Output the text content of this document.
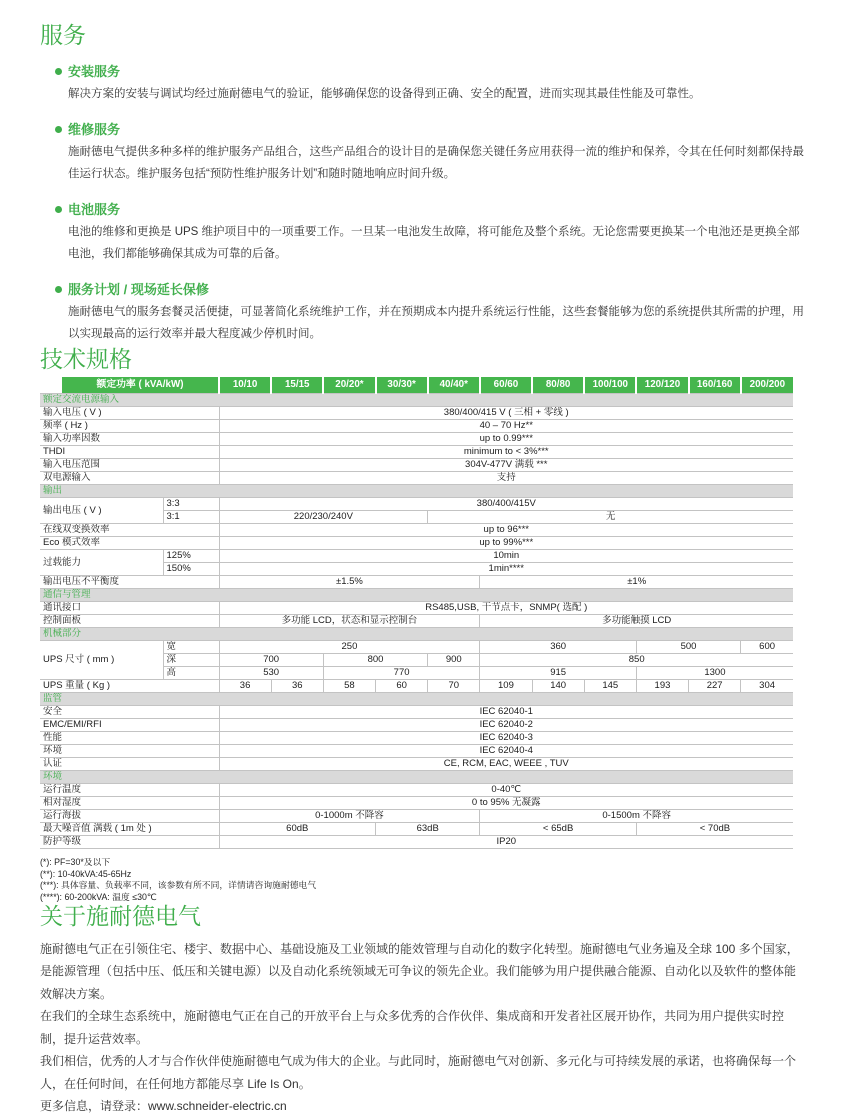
服务
安装服务

解决方案的安装与调试均经过施耐德电气的验证，能够确保您的设备得到正确、安全的配置，进而实现其最佳性能及可靠性。

维修服务

施耐德电气提供多种多样的维护服务产品组合，这些产品组合的设计目的是确保您关键任务应用获得一流的维护和保养，令其在任何时刻都保持最佳运行状态。维护服务包括“预防性维护服务计划”和随时随地响应时间升级。

电池服务

电池的维修和更换是 UPS 维护项目中的一项重要工作。一旦某一电池发生故障，将可能危及整个系统。无论您需要更换某一个电池还是更换全部电池，我们都能够确保其成为可靠的后备。

服务计划 / 现场延长保修

施耐德电气的服务套餐灵活便捷，可显著简化系统维护工作，并在预期成本内提升系统运行性能，这些套餐能够为您的系统提供其所需的护理，用以实现最高的运行效率并最大程度减少停机时间。

技术规格
额定功率 ( kVA/kW)		10/10	15/15	20/20*	30/30*	40/40*	60/60	80/80	100/100	120/120	160/160	200/200
额定交流电源输入												
输入电压 ( V )		380/400/415 V ( 三相 + 零线 )										
频率 ( Hz )		40 – 70 Hz**										
输入功率因数		up to 0.99***										
THDI		minimum to < 3%***										
输入电压范围		304V-477V 满载 ***										
双电源输入		支持										
输出												
输出电压 ( V )	3:3	380/400/415V										
	3:1	220/230/240V				无						
在线双变换效率		up to 96***										
Eco 模式效率		up to 99%***										
过载能力	125%	10min										
	150%	1min****										
输出电压不平衡度		±1.5%					±1%					
通信与管理												
通讯接口		RS485,USB, 干节点卡，SNMP( 选配 )										
控制面板		多功能 LCD，状态和显示控制台					多功能触摸 LCD					
机械部分												
UPS 尺寸 ( mm )	宽	250					360			500		600
	深	700		800		900	850					
	高	530		770			915			1300		
UPS 重量 ( Kg )		36	36	58	60	70	109	140	145	193	227	304
监管												
安全		IEC 62040-1										
EMC/EMI/RFI		IEC 62040-2										
性能		IEC 62040-3										
环境		IEC 62040-4										
认证		CE, RCM, EAC, WEEE , TUV										
环境												
运行温度		0-40℃										
相对湿度		0 to 95% 无凝露										
运行海拔		0-1000m 不降容					0-1500m 不降容					
最大噪音值 满载 ( 1m 处 )		60dB			63dB		< 65dB			< 70dB		
防护等级		IP20										
(*): PF=30*及以下
(**): 10-40kVA:45-65Hz
(***): 具体容量、负载率不同，该参数有所不同，详情请咨询施耐德电气
(****): 60-200kVA: 温度 ≤30℃
关于施耐德电气

施耐德电气正在引领住宅、楼宇、数据中心、基础设施及工业领域的能效管理与自动化的数字化转型。施耐德电气业务遍及全球 100 多个国家，是能源管理（包括中压、低压和关键电源）以及自动化系统领域无可争议的领先企业。我们能够为用户提供融合能源、自动化以及软件的整体能效解决方案。

在我们的全球生态系统中，施耐德电气正在自己的开放平台上与众多优秀的合作伙伴、集成商和开发者社区展开协作，共同为用户提供实时控制，提升运营效率。

我们相信，优秀的人才与合作伙伴使施耐德电气成为伟大的企业。与此同时，施耐德电气对创新、多元化与可持续发展的承诺，也将确保每一个人，在任何时间，在任何地方都能尽享 Life Is On。

更多信息，请登录：www.schneider-electric.cn
